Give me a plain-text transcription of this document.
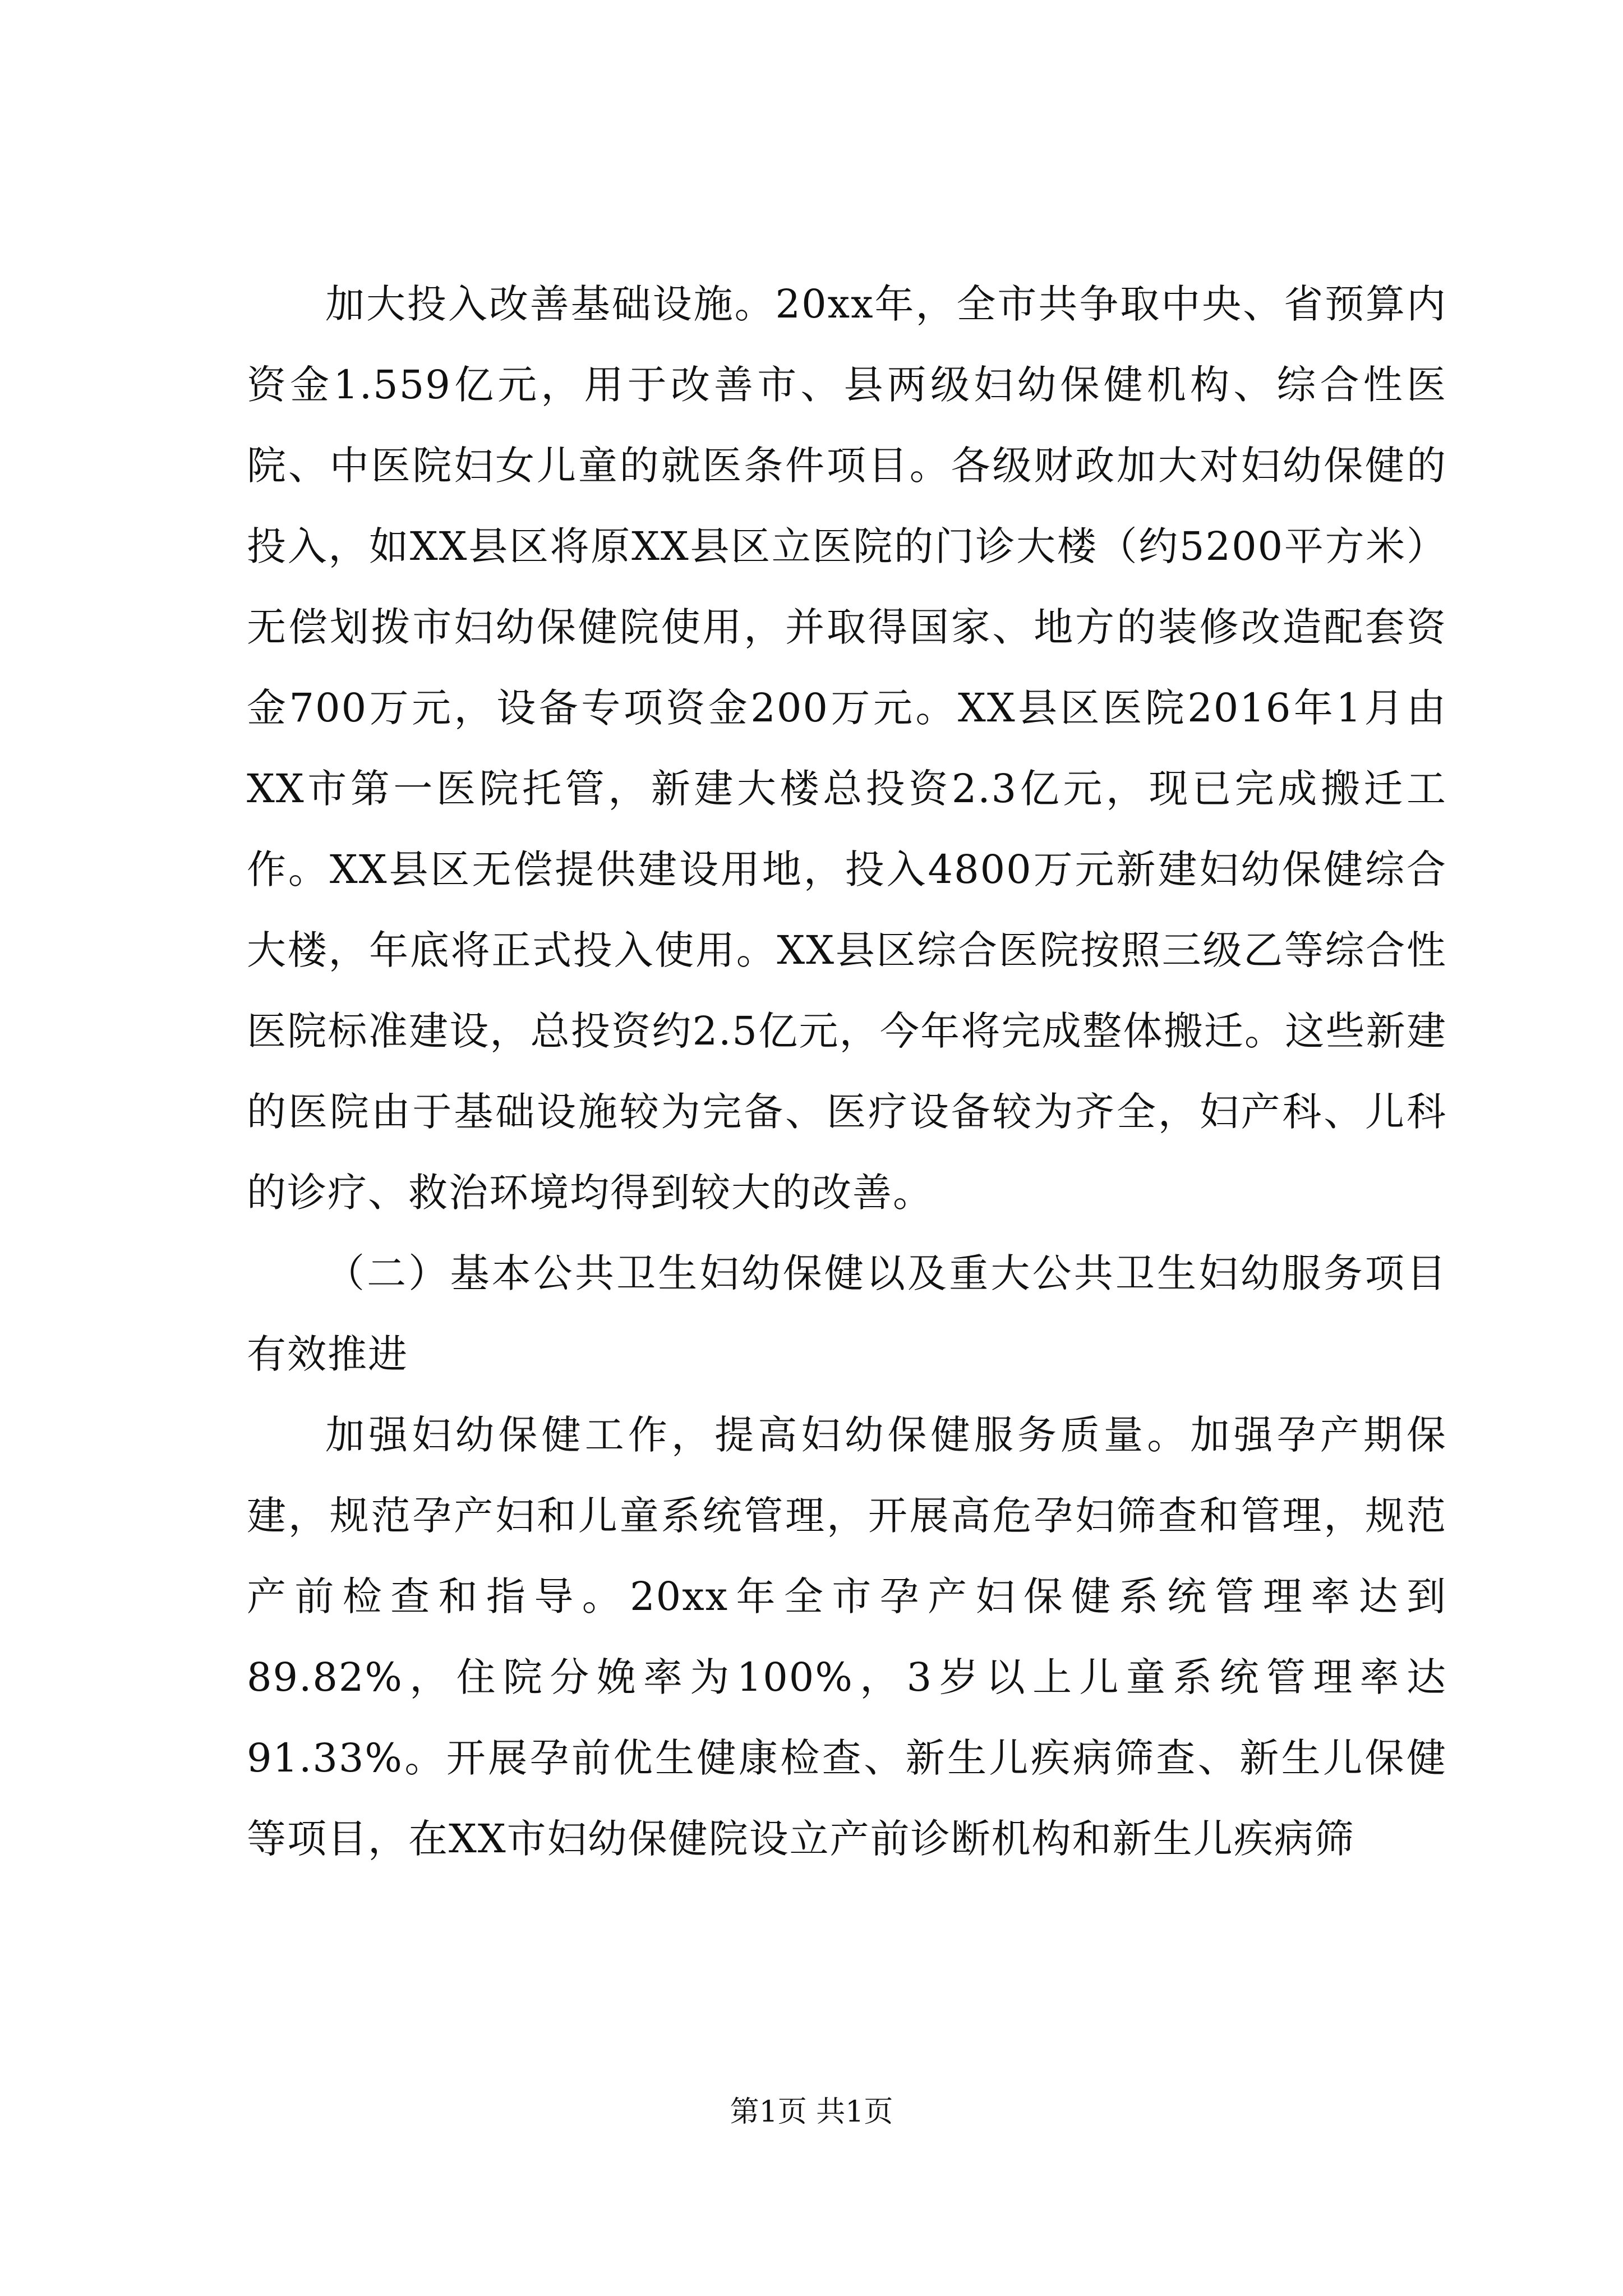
加大投入改善基础设施。20xx年，全市共争取中央、省预算内资金1.559亿元，用于改善市、县两级妇幼保健机构、综合性医院、中医院妇女儿童的就医条件项目。各级财政加大对妇幼保健的投入，如XX县区将原XX县区立医院的门诊大楼（约5200平方米）无偿划拨市妇幼保健院使用，并取得国家、地方的装修改造配套资金700万元，设备专项资金200万元。XX县区医院2016年1月由XX市第一医院托管，新建大楼总投资2.3亿元，现已完成搬迁工作。XX县区无偿提供建设用地，投入4800万元新建妇幼保健综合大楼，年底将正式投入使用。XX县区综合医院按照三级乙等综合性医院标准建设，总投资约2.5亿元，今年将完成整体搬迁。这些新建的医院由于基础设施较为完备、医疗设备较为齐全，妇产科、儿科的诊疗、救治环境均得到较大的改善。

（二）基本公共卫生妇幼保健以及重大公共卫生妇幼服务项目有效推进

加强妇幼保健工作，提高妇幼保健服务质量。加强孕产期保建，规范孕产妇和儿童系统管理，开展高危孕妇筛查和管理，规范产前检查和指导。20xx年全市孕产妇保健系统管理率达到89.82%，住院分娩率为100%，3岁以上儿童系统管理率达91.33%。开展孕前优生健康检查、新生儿疾病筛查、新生儿保健等项目，在XX市妇幼保健院设立产前诊断机构和新生儿疾病筛

第1页 共1页
